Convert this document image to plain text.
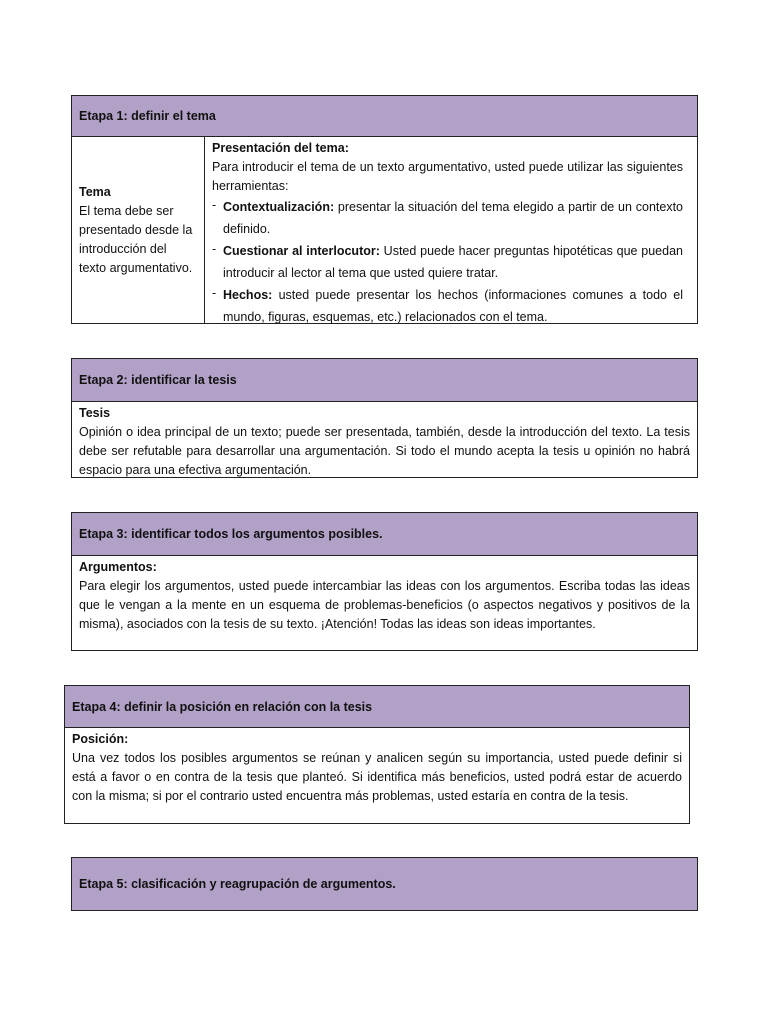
Etapa 1: definir el tema
Tema
El tema debe ser presentado desde la introducción del texto argumentativo.
Presentación del tema:
Para introducir el tema de un texto argumentativo, usted puede utilizar las siguientes herramientas:
- Contextualización: presentar la situación del tema elegido a partir de un contexto definido.
- Cuestionar al interlocutor: Usted puede hacer preguntas hipotéticas que puedan introducir al lector al tema que usted quiere tratar.
- Hechos: usted puede presentar los hechos (informaciones comunes a todo el mundo, figuras, esquemas, etc.) relacionados con el tema.
Etapa 2: identificar la tesis
Tesis
Opinión o idea principal de un texto; puede ser presentada, también, desde la introducción del texto. La tesis debe ser refutable para desarrollar una argumentación. Si todo el mundo acepta la tesis u opinión no habrá espacio para una efectiva argumentación.
Etapa 3: identificar todos los argumentos posibles.
Argumentos:
Para elegir los argumentos, usted puede intercambiar las ideas con los argumentos. Escriba todas las ideas que le vengan a la mente en un esquema de problemas-beneficios (o aspectos negativos y positivos de la misma), asociados con la tesis de su texto. ¡Atención! Todas las ideas son ideas importantes.
Etapa 4: definir la posición en relación con la tesis
Posición:
Una vez todos los posibles argumentos se reúnan y analicen según su importancia, usted puede definir si está a favor o en contra de la tesis que planteó. Si identifica más beneficios, usted podrá estar de acuerdo con la misma; si por el contrario usted encuentra más problemas, usted estaría en contra de la tesis.
Etapa 5: clasificación y reagrupación de argumentos.
